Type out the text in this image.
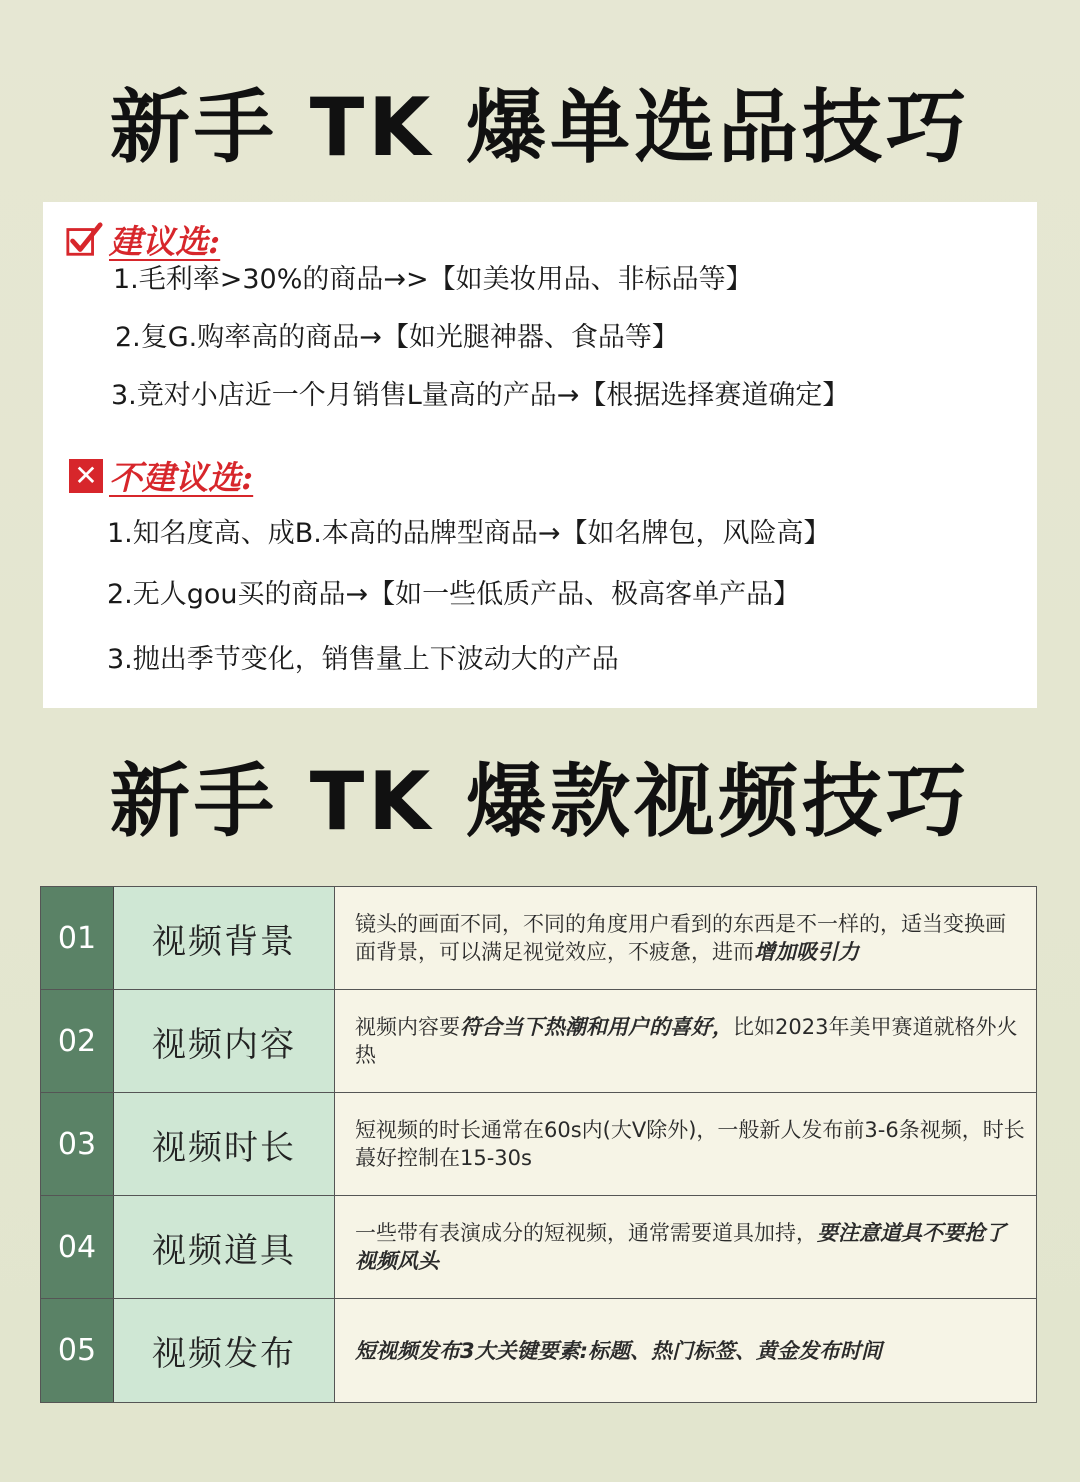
新手 TK 爆单选品技巧
建议选:
1.毛利率>30%的商品→>【如美妆用品、非标品等】
2.复G.购率高的商品→【如光腿神器、食品等】
3.竞对小店近一个月销售L量高的产品→【根据选择赛道确定】
✕ 不建议选:
1.知名度高、成B.本高的品牌型商品→【如名牌包，风险高】
2.无人gou买的商品→【如一些低质产品、极高客单产品】
3.抛出季节变化，销售量上下波动大的产品
新手 TK 爆款视频技巧
01	视频背景	镜头的画面不同，不同的角度用户看到的东西是不一样的，适当变换画面背景，可以满足视觉效应，不疲惫，进而增加吸引力
02	视频内容	视频内容要符合当下热潮和用户的喜好，比如2023年美甲赛道就格外火热
03	视频时长	短视频的时长通常在60s内(大V除外)，一般新人发布前3-6条视频，时长蕞好控制在15-30s
04	视频道具	一些带有表演成分的短视频，通常需要道具加持，要注意道具不要抢了视频风头
05	视频发布	短视频发布3大关键要素:标题、热门标签、黄金发布时间
